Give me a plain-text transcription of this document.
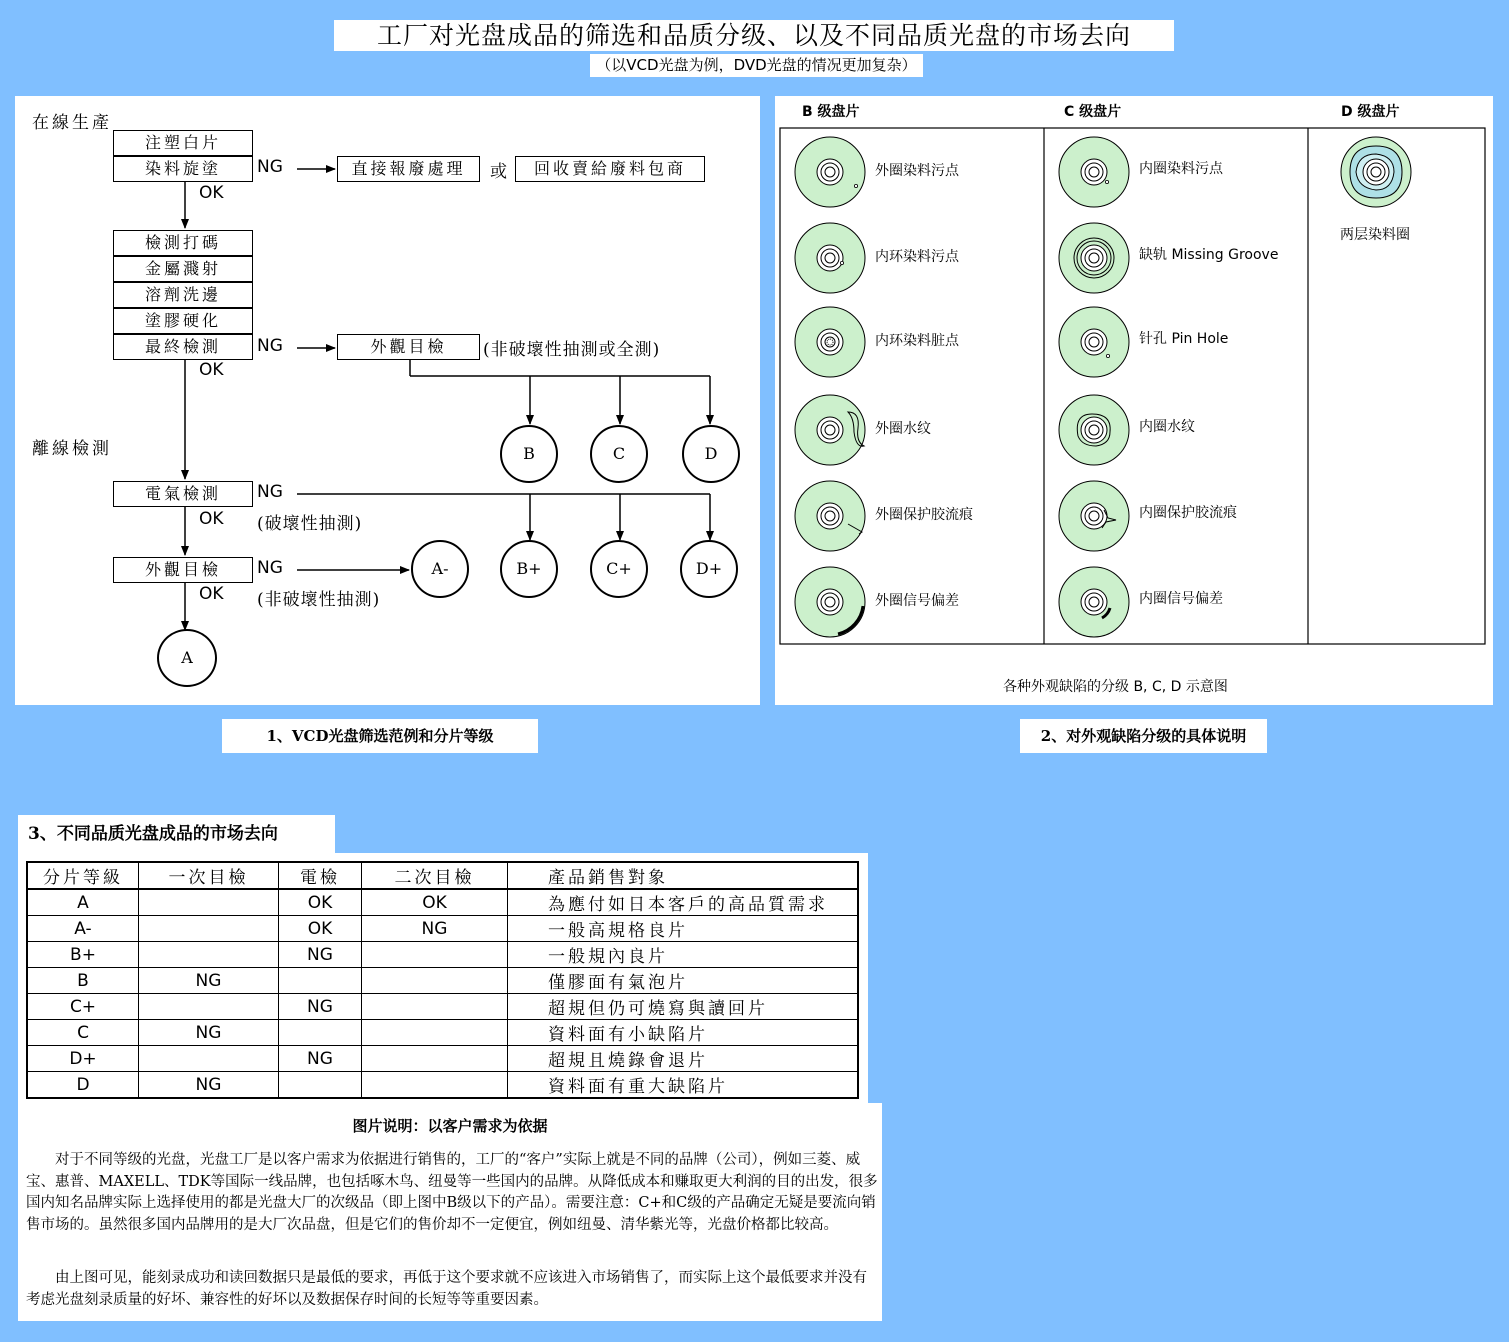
工厂对光盘成品的筛选和品质分级、以及不同品质光盘的市场去向
（以VCD光盘为例，DVD光盘的情况更加复杂）
在線生產
離線檢測
注塑白片
染料旋塗	NG
OK
直接報廢處理	或	回收賣給廢料包商
檢測打碼
金屬濺射
溶劑洗邊
塗膠硬化
最終檢測	NG
OK
外觀目檢	(非破壞性抽測或全測)
B	C	D
電氣檢測	NG
OK (破壞性抽測)
A-	B+	C+	D+
外觀目檢	NG
OK (非破壞性抽測)
A
B 级盘片	C 级盘片	D 级盘片
外圈染料污点	内圈染料污点
内环染料污点	缺轨 Missing Groove
内环染料脏点	针孔 Pin Hole
外圈水纹	内圈水纹
外圈保护胶流痕	内圈保护胶流痕
外圈信号偏差	内圈信号偏差
两层染料圈
各种外观缺陷的分级 B, C, D 示意图
1、VCD光盘筛选范例和分片等级	2、对外观缺陷分级的具体说明
3、不同品质光盘成品的市场去向
分片等級	一次目檢	電檢	二次目檢	產品銷售對象
A		OK	OK	為應付如日本客戶的高品質需求
A-		OK	NG	一般高規格良片
B+		NG		一般規內良片
B	NG			僅膠面有氣泡片
C+		NG		超規但仍可燒寫與讀回片
C	NG			資料面有小缺陷片
D+		NG		超規且燒錄會退片
D	NG			資料面有重大缺陷片
图片说明：以客户需求为依据
对于不同等级的光盘，光盘工厂是以客户需求为依据进行销售的，工厂的“客户”实际上就是不同的品牌（公司），例如三菱、威宝、惠普、MAXELL、TDK等国际一线品牌，也包括啄木鸟、纽曼等一些国内的品牌。从降低成本和赚取更大利润的目的出发，很多国内知名品牌实际上选择使用的都是光盘大厂的次级品（即上图中B级以下的产品）。需要注意：C+和C级的产品确定无疑是要流向销售市场的。虽然很多国内品牌用的是大厂次品盘，但是它们的售价却不一定便宜，例如纽曼、清华紫光等，光盘价格都比较高。
由上图可见，能刻录成功和读回数据只是最低的要求，再低于这个要求就不应该进入市场销售了，而实际上这个最低要求并没有考虑光盘刻录质量的好坏、兼容性的好坏以及数据保存时间的长短等等重要因素。
